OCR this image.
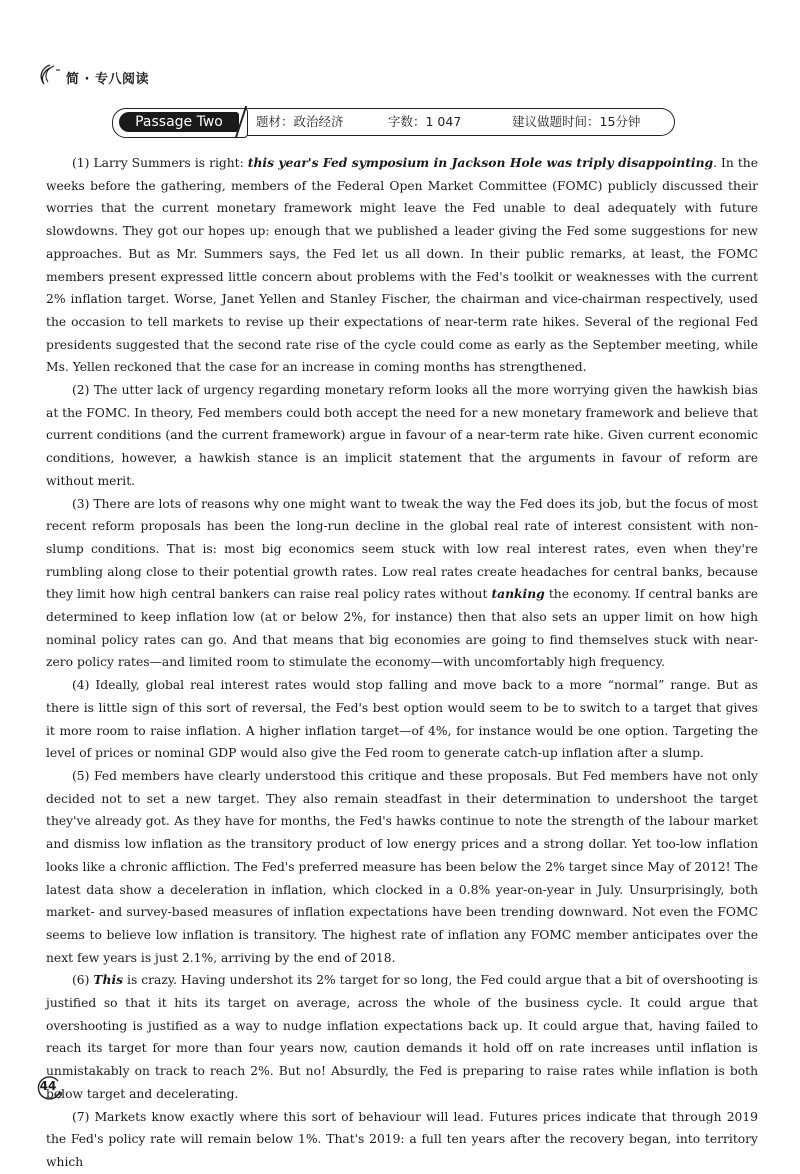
简 · 专八阅读
Passage Two	题材：政治经济	字数：1 047	建议做题时间：15分钟

(1) Larry Summers is right: this year's Fed symposium in Jackson Hole was triply disappointing. In the weeks before the gathering, members of the Federal Open Market Committee (FOMC) publicly discussed their worries that the current monetary framework might leave the Fed unable to deal adequately with future slowdowns. They got our hopes up: enough that we published a leader giving the Fed some suggestions for new approaches. But as Mr. Summers says, the Fed let us all down. In their public remarks, at least, the FOMC members present expressed little concern about problems with the Fed's toolkit or weaknesses with the current 2% inflation target. Worse, Janet Yellen and Stanley Fischer, the chairman and vice-chairman respectively, used the occasion to tell markets to revise up their expectations of near-term rate hikes. Several of the regional Fed presidents suggested that the second rate rise of the cycle could come as early as the September meeting, while Ms. Yellen reckoned that the case for an increase in coming months has strengthened.

(2) The utter lack of urgency regarding monetary reform looks all the more worrying given the hawkish bias at the FOMC. In theory, Fed members could both accept the need for a new monetary framework and believe that current conditions (and the current framework) argue in favour of a near-term rate hike. Given current economic conditions, however, a hawkish stance is an implicit statement that the arguments in favour of reform are without merit.

(3) There are lots of reasons why one might want to tweak the way the Fed does its job, but the focus of most recent reform proposals has been the long-run decline in the global real rate of interest consistent with non-slump conditions. That is: most big economics seem stuck with low real interest rates, even when they're rumbling along close to their potential growth rates. Low real rates create headaches for central banks, because they limit how high central bankers can raise real policy rates without tanking the economy. If central banks are determined to keep inflation low (at or below 2%, for instance) then that also sets an upper limit on how high nominal policy rates can go. And that means that big economies are going to find themselves stuck with near-zero policy rates—and limited room to stimulate the economy—with uncomfortably high frequency.

(4) Ideally, global real interest rates would stop falling and move back to a more “normal” range. But as there is little sign of this sort of reversal, the Fed's best option would seem to be to switch to a target that gives it more room to raise inflation. A higher inflation target—of 4%, for instance would be one option. Targeting the level of prices or nominal GDP would also give the Fed room to generate catch-up inflation after a slump.

(5) Fed members have clearly understood this critique and these proposals. But Fed members have not only decided not to set a new target. They also remain steadfast in their determination to undershoot the target they've already got. As they have for months, the Fed's hawks continue to note the strength of the labour market and dismiss low inflation as the transitory product of low energy prices and a strong dollar. Yet too-low inflation looks like a chronic affliction. The Fed's preferred measure has been below the 2% target since May of 2012! The latest data show a deceleration in inflation, which clocked in a 0.8% year-on-year in July. Unsurprisingly, both market- and survey-based measures of inflation expectations have been trending downward. Not even the FOMC seems to believe low inflation is transitory. The highest rate of inflation any FOMC member anticipates over the next few years is just 2.1%, arriving by the end of 2018.

(6) This is crazy. Having undershot its 2% target for so long, the Fed could argue that a bit of overshooting is justified so that it hits its target on average, across the whole of the business cycle. It could argue that overshooting is justified as a way to nudge inflation expectations back up. It could argue that, having failed to reach its target for more than four years now, caution demands it hold off on rate increases until inflation is unmistakably on track to reach 2%. But no! Absurdly, the Fed is preparing to raise rates while inflation is both below target and decelerating.

(7) Markets know exactly where this sort of behaviour will lead. Futures prices indicate that through 2019 the Fed's policy rate will remain below 1%. That's 2019: a full ten years after the recovery began, into territory which

44
